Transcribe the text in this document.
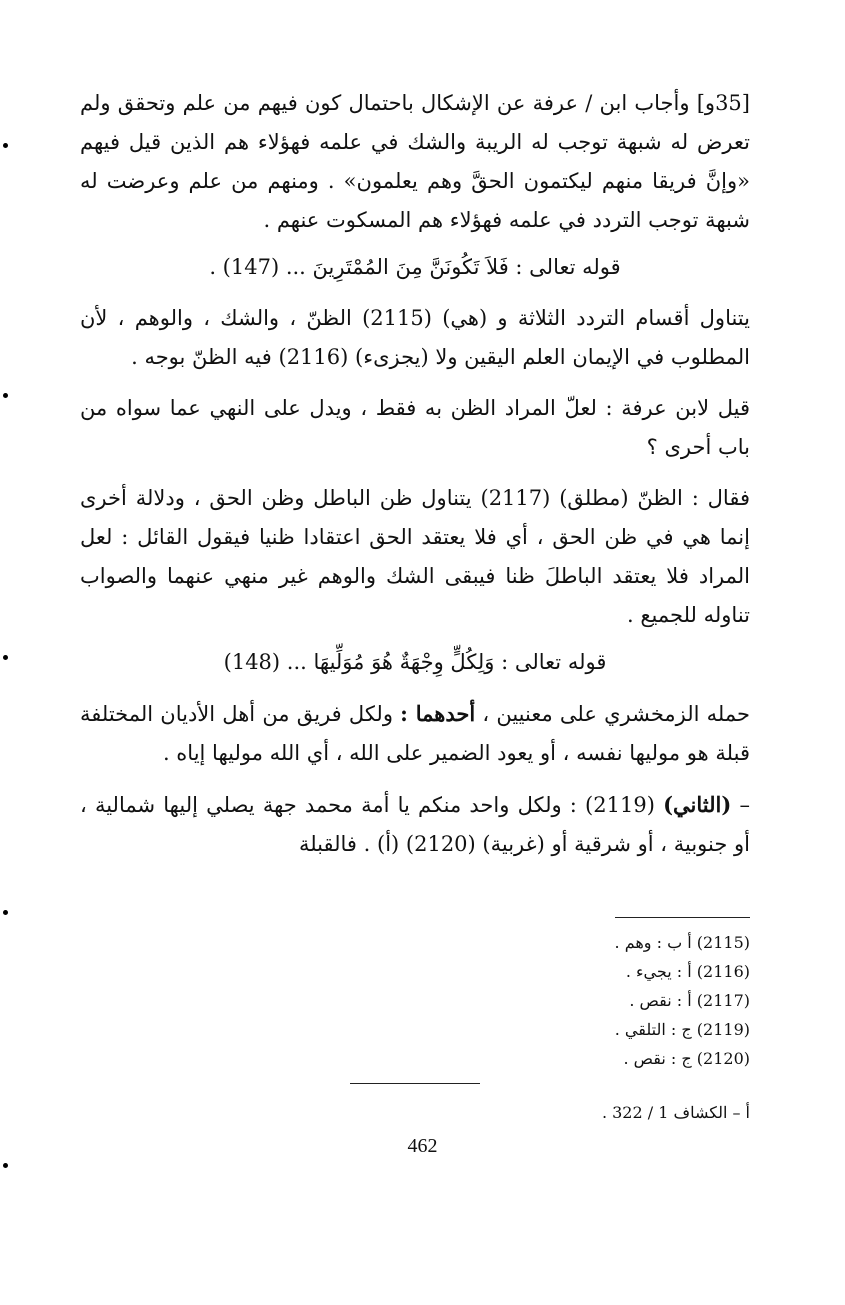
[35و] وأجاب ابن / عرفة عن الإشكال باحتمال كون فيهم من علم وتحقق ولم تعرض له شبهة توجب له الريبة والشك في علمه فهؤلاء هم الذين قيل فيهم «وإنَّ فريقا منهم ليكتمون الحقَّ وهم يعلمون» . ومنهم من علم وعرضت له شبهة توجب التردد في علمه فهؤلاء هم المسكوت عنهم .

قوله تعالى : فَلاَ تَكُونَنَّ مِنَ المُمْتَرِينَ ... (147) .

يتناول أقسام التردد الثلاثة و (هي) (2115) الظنّ ، والشك ، والوهم ، لأن المطلوب في الإيمان العلم اليقين ولا (يجزىء) (2116) فيه الظنّ بوجه .

قيل لابن عرفة : لعلّ المراد الظن به فقط ، ويدل على النهي عما سواه من باب أحرى ؟

فقال : الظنّ (مطلق) (2117) يتناول ظن الباطل وظن الحق ، ودلالة أخرى إنما هي في ظن الحق ، أي فلا يعتقد الحق اعتقادا ظنيا فيقول القائل : لعل المراد فلا يعتقد الباطلَ ظنا فيبقى الشك والوهم غير منهي عنهما والصواب تناوله للجميع .

قوله تعالى : وَلِكُلٍّ وِجْهَةٌ هُوَ مُوَلِّيهَا ... (148)

حمله الزمخشري على معنيين ، أحدهما : ولكل فريق من أهل الأديان المختلفة قبلة هو موليها نفسه ، أو يعود الضمير على الله ، أي الله موليها إياه .

– (الثاني) (2119) : ولكل واحد منكم يا أمة محمد جهة يصلي إليها شمالية ، أو جنوبية ، أو شرقية أو (غربية) (2120) (أ) . فالقبلة

(2115) أ ب : وهم .
(2116) أ : يجيء .
(2117) أ : نقص .
(2119) ج : التلقي .
(2120) ج : نقص .
أ – الكشاف 1 / 322 .
462
